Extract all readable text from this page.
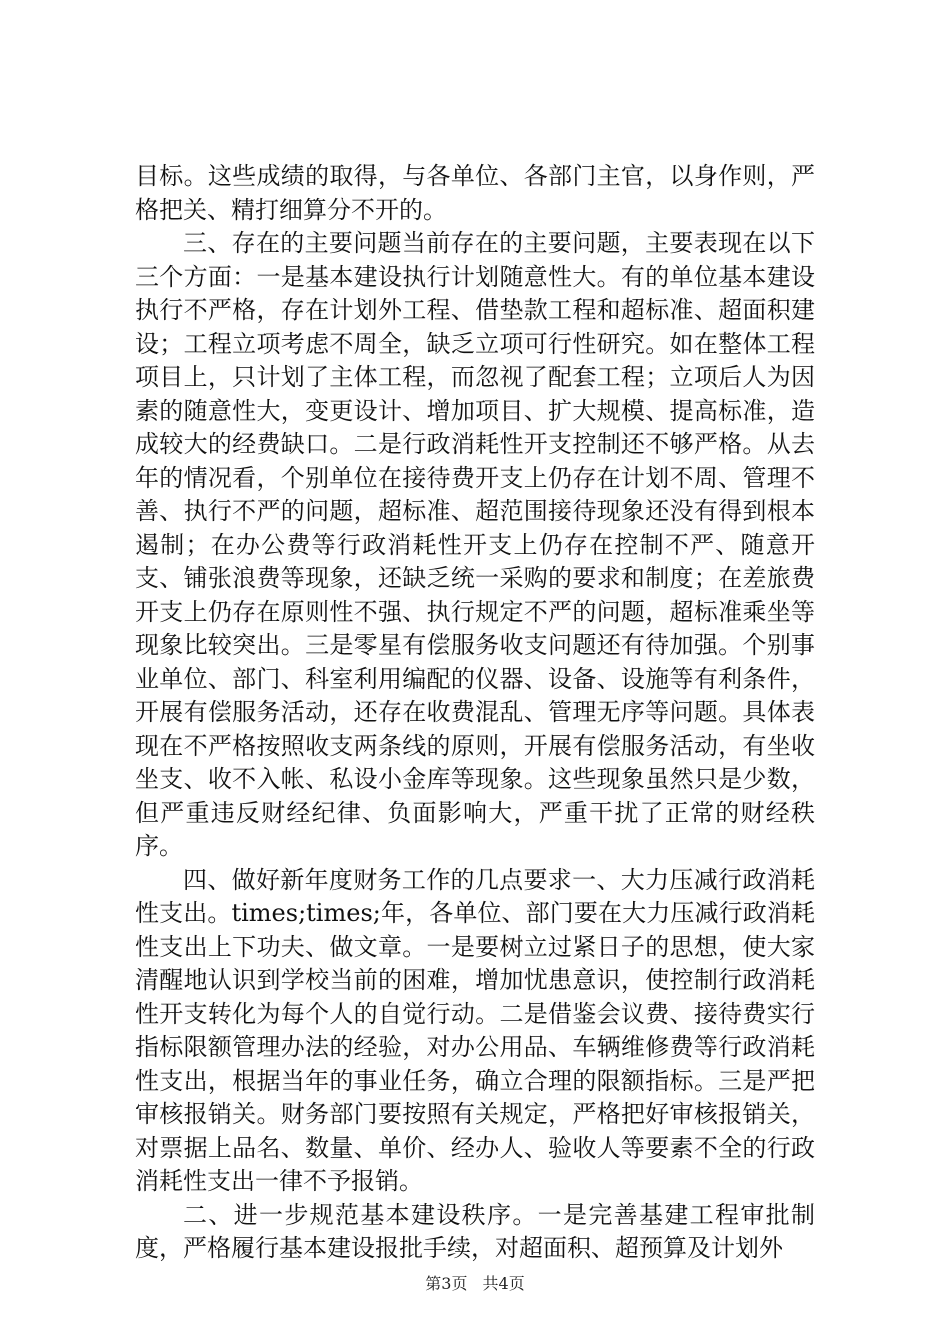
目标。这些成绩的取得，与各单位、各部门主官，以身作则，严格把关、精打细算分不开的。

三、存在的主要问题当前存在的主要问题，主要表现在以下三个方面：一是基本建设执行计划随意性大。有的单位基本建设执行不严格，存在计划外工程、借垫款工程和超标准、超面积建设；工程立项考虑不周全，缺乏立项可行性研究。如在整体工程项目上，只计划了主体工程，而忽视了配套工程；立项后人为因素的随意性大，变更设计、增加项目、扩大规模、提高标准，造成较大的经费缺口。二是行政消耗性开支控制还不够严格。从去年的情况看，个别单位在接待费开支上仍存在计划不周、管理不善、执行不严的问题，超标准、超范围接待现象还没有得到根本遏制；在办公费等行政消耗性开支上仍存在控制不严、随意开支、铺张浪费等现象，还缺乏统一采购的要求和制度；在差旅费开支上仍存在原则性不强、执行规定不严的问题，超标准乘坐等现象比较突出。三是零星有偿服务收支问题还有待加强。个别事业单位、部门、科室利用编配的仪器、设备、设施等有利条件，开展有偿服务活动，还存在收费混乱、管理无序等问题。具体表现在不严格按照收支两条线的原则，开展有偿服务活动，有坐收坐支、收不入帐、私设小金库等现象。这些现象虽然只是少数，但严重违反财经纪律、负面影响大，严重干扰了正常的财经秩序。

四、做好新年度财务工作的几点要求一、大力压减行政消耗性支出。times;times;年，各单位、部门要在大力压减行政消耗性支出上下功夫、做文章。一是要树立过紧日子的思想，使大家清醒地认识到学校当前的困难，增加忧患意识，使控制行政消耗性开支转化为每个人的自觉行动。二是借鉴会议费、接待费实行指标限额管理办法的经验，对办公用品、车辆维修费等行政消耗性支出，根据当年的事业任务，确立合理的限额指标。三是严把审核报销关。财务部门要按照有关规定，严格把好审核报销关，对票据上品名、数量、单价、经办人、验收人等要素不全的行政消耗性支出一律不予报销。

二、进一步规范基本建设秩序。一是完善基建工程审批制度，严格履行基本建设报批手续，对超面积、超预算及计划外

第3页 共4页
